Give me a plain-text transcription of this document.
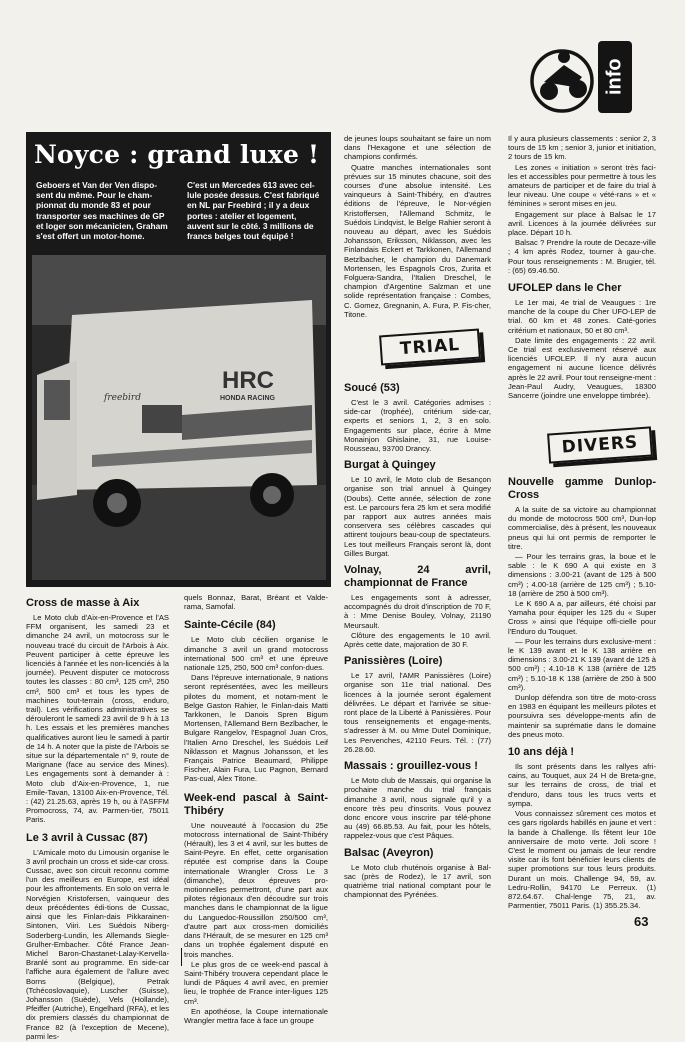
info
Noyce : grand luxe !
Geboers et Van der Ven dispo-sent du même. Pour le cham-pionnat du monde 83 et pour transporter ses machines de GP et loger son mécanicien, Graham s'est offert un motor-home.
C'est un Mercedes 613 avec cel-lule posée dessus. C'est fabriqué en NL par Freebird ; il y a deux portes : atelier et logement, auvent sur le côté. 3 millions de francs belges tout équipé !
HRC
HONDA RACING
freebird
Cross de masse à Aix

Le Moto club d'Aix-en-Provence et l'AS FFM organisent, les samedi 23 et dimanche 24 avril, un motocross sur le nouveau tracé du circuit de l'Arbois à Aix. Peuvent participer à cette épreuve les licenciés à l'année et les non-licenciés à la journée). Peuvent disputer ce motocross toutes les classes : 80 cm³, 125 cm³, 250 cm³, 500 cm³ et tous les types de machines tout-terrain (cross, enduro, trail). Les vérifications administratives se dérouleront le samedi 23 avril de 9 h à 13 h. Les essais et les premières manches qualificatives auront lieu le samedi à partir de 14 h. A noter que la piste de l'Arbois se situe sur la départementale n° 9, route de Marignane (face au service des Mines). Les engagements sont à demander à : Moto club d'Aix-en-Provence, 1, rue Emile-Tavan, 13100 Aix-en-Provence, Tél. : (42) 21.25.63, après 19 h, ou à l'ASFFM Promocross, 74, av. Parmen-tier, 75011 Paris.

Le 3 avril à Cussac (87)

L'Amicale moto du Limousin organise le 3 avril prochain un cross et side-car cross. Cussac, avec son circuit reconnu comme l'un des meilleurs en Europe, est idéal pour les affrontements. En solo on verra le Norvégien Kristofersen, vainqueur des deux précédentes édi-tions de Cussac, ainsi que les Finlan-dais Pikkarainen-Sintonen, Viiri. Les Suédois Niberg-Soderberg-Lundin, les Allemands Siegle-Grulher-Embacher. Côté France Jean-Michel Baron-Chastanet-Lalay-Kervella-Branlé sont au programme. En side-car l'affiche aura également de l'allure avec Borns (Belgique), Petrak (Tchécoslovaquie), Luscher (Suisse), Johansson (Suède), Vels (Hollande), Pfeiffer (Autriche), Engelhard (RFA), et les dix premiers classés du championnat de France 82 (à l'exception de Mecene), parmi les-

quels Bonnaz, Barat, Bréant et Valde-rama, Samofal.

Sainte-Cécile (84)

Le Moto club cécilien organise le dimanche 3 avril un grand motocross international 500 cm³ et une épreuve nationale 125, 250, 500 cm³ confon-dues.

Dans l'épreuve internationale, 9 nations seront représentées, avec les meilleurs pilotes du moment, et notam-ment le Belge Gaston Rahier, le Finlan-dais Matti Tarkkonen, le Danois Spren Bigum Mortensen, l'Allemand Bern Bezlbacher, le Bulgare Rangelov, l'Espagnol Juan Cros, l'Italien Arno Dreschel, les Suédois Leif Niklasson et Magnus Johansson, et les Français Patrice Beaumard, Philippe Fischer, Alain Fura, Luc Pagnon, Bernard Pas-cual, Alex Titone.

Week-end pascal à Saint-Thibéry

Une nouveauté à l'occasion du 25e motocross international de Saint-Thibéry (Hérault), les 3 et 4 avril, sur les buttes de Saint-Peyre. En effet, cette organisation réputée est comprise dans la Coupe internationale Wrangler Cross Le 3 (dimanche), deux épreuves pro-motionnelles permettront, d'une part aux pilotes régionaux d'en découdre sur trois manches dans le championnat de la ligue du Languedoc-Roussillon 250/500 cm³, d'autre part aux cross-men domiciliés dans l'Hérault, de se mesurer en 125 cm³ dans un trophée également disputé en trois manches.

Le plus gros de ce week-end pascal à Saint-Thibéry trouvera cependant place le lundi de Pâques 4 avril avec, en premier lieu, le trophée de France inter-ligues 125 cm³.

En apothéose, la Coupe internationale Wrangler mettra face à face un groupe

de jeunes loups souhaitant se faire un nom dans l'Hexagone et une sélection de champions confirmés.

Quatre manches internationales sont prévues sur 15 minutes chacune, soit des courses d'une absolue intensité. Les vainqueurs à Saint-Thibéry, en d'autres éditions de l'épreuve, le Nor-végien Kristoffersen, l'Allemand Schmitz, le Suédois Lindqvist, le Belge Rahier seront à nouveau au départ, avec les Suédois Johansson, Eriksson, Niklasson, avec les Finlandais Eckert et Tarkkonen, l'Allemand Betzlbacher, le champion du Danemark Mortensen, les Espagnols Cros, Zurita et Folguera-Sandra, l'Italien Dreschel, le champion d'Argentine Salzman et une solide représentation française : Combes, C. Gomez, Gregnanin, A. Fura, P. Fis-cher, Titone.

TRIAL
Soucé (53)

C'est le 3 avril. Catégories admises : side-car (trophée), critérium side-car, experts et seniors 1, 2, 3 en solo. Engagements sur place, écrire à Mme Monainjon Ghislaine, 31, rue Louise-Rousseau, 93700 Drancy.

Burgat à Quingey

Le 10 avril, le Moto club de Besançon organise son trial annuel à Quingey (Doubs). Cette année, sélection de zone est. Le parcours fera 25 km et sera modifié par rapport aux autres années mais conservera ses célèbres cascades qui attirent toujours beau-coup de spectateurs. Les tout meilleurs Français seront là, dont Gilles Burgat.

Volnay, 24 avril, championnat de France

Les engagements sont à adresser, accompagnés du droit d'inscription de 70 F, à : Mme Denise Bouley, Volnay, 21190 Meursault.

Clôture des engagements le 10 avril. Après cette date, majoration de 30 F.

Panissières (Loire)

Le 17 avril, l'AMR Panissières (Loire) organise son 11e trial national. Des licences à la journée seront également délivrées. Le départ et l'arrivée se situe-ront place de la Liberté à Panissières. Pour tous renseignements et engage-ments, s'adresser à M. ou Mme Dutel Dominique, Les Pervenches, 42110 Feurs. Tél. : (77) 26.28.60.

Massais : grouillez-vous !

Le Moto club de Massais, qui organise la prochaine manche du trial français dimanche 3 avril, nous signale qu'il y a encore très peu d'inscrits. Vous pouvez donc encore vous inscrire par télé-phone au (49) 66.85.53. Au fait, pour les hôtels, rappelez-vous que c'est Pâques.

Balsac (Aveyron)

Le Moto club rhuténois organise à Bal-sac (près de Rodez), le 17 avril, son quatrième trial national comptant pour le championnat des Pyrénées.

Il y aura plusieurs classements : senior 2, 3 tours de 15 km ; senior 3, junior et initiation, 2 tours de 15 km.

Les zones « initiation » seront très faci-les et accessibles pour permettre à tous les amateurs de participer et de faire du trial à leur niveau. Une coupe « vété-rans » et « féminines » seront mises en jeu.

Engagement sur place à Balsac le 17 avril. Licences à la journée délivrées sur place. Départ 10 h.

Balsac ? Prendre la route de Decaze-ville ; 4 km après Rodez, tourner à gau-che. Pour tous renseignements : M. Brugier, tél. : (65) 69.46.50.

UFOLEP dans le Cher

Le 1er mai, 4e trial de Veaugues : 1re manche de la coupe du Cher UFO-LEP de trial. 60 km et 48 zones. Caté-gories critérium et nationaux, 50 et 80 cm³.

Date limite des engagements : 22 avril. Ce trial est exclusivement réservé aux licenciés UFOLEP. Il n'y aura aucun engagement ni aucune licence délivrés après le 22 avril. Pour tout renseigne-ment : Jean-Paul Audry, Veaugues, 18300 Sancerre (joindre une enveloppe timbrée).

DIVERS
Nouvelle gamme Dunlop-Cross

A la suite de sa victoire au championnat du monde de motocross 500 cm³, Dun-lop commercialise, dès à présent, les nouveaux pneus qui lui ont permis de remporter le titre.

— Pour les terrains gras, la boue et le sable : le K 690 A qui existe en 3 dimensions : 3.00-21 (avant de 125 à 500 cm³) ; 4.00-18 (arrière de 125 cm³) ; 5.10-18 (arrière de 250 à 500 cm³).

Le K 690 A a, par ailleurs, été choisi par Yamaha pour équiper les 125 du « Super Cross » ainsi que l'équipe offi-cielle pour l'Enduro du Touquet.

— Pour les terrains durs exclusive-ment : le K 139 avant et le K 138 arrière en dimensions : 3.00-21 K 139 (avant de 125 à 500 cm³) ; 4.10-18 K 138 (arrière de 125 cm³) ; 5.10-18 K 138 (arrière de 250 à 500 cm³).

Dunlop défendra son titre de moto-cross en 1983 en équipant les meilleurs pilotes et poursuivra ses développe-ments afin de maintenir sa suprématie dans le domaine des pneus moto.

10 ans déjà !

Ils sont présents dans les rallyes afri-cains, au Touquet, aux 24 H de Breta-gne, sur les terrains de cross, de trial et d'enduro, dans tous les trucs verts et sympa.

Vous connaissez sûrement ces motos et ces gars rigolards habillés en jaune et vert : la bande à Challenge. Ils fêtent leur 10e anniversaire de moto verte. Joli score ! C'est le moment ou jamais de leur rendre visite car ils font bénéficier leurs clients de super promotions sur tous leurs produits. Durant un mois. Challenge 94, 59, av. Ledru-Rollin, 94170 Le Perreux. (1) 872.64.67. Chal-lenge 75, 21, av. Parmentier, 75011 Paris. (1) 355.25.34.

63
